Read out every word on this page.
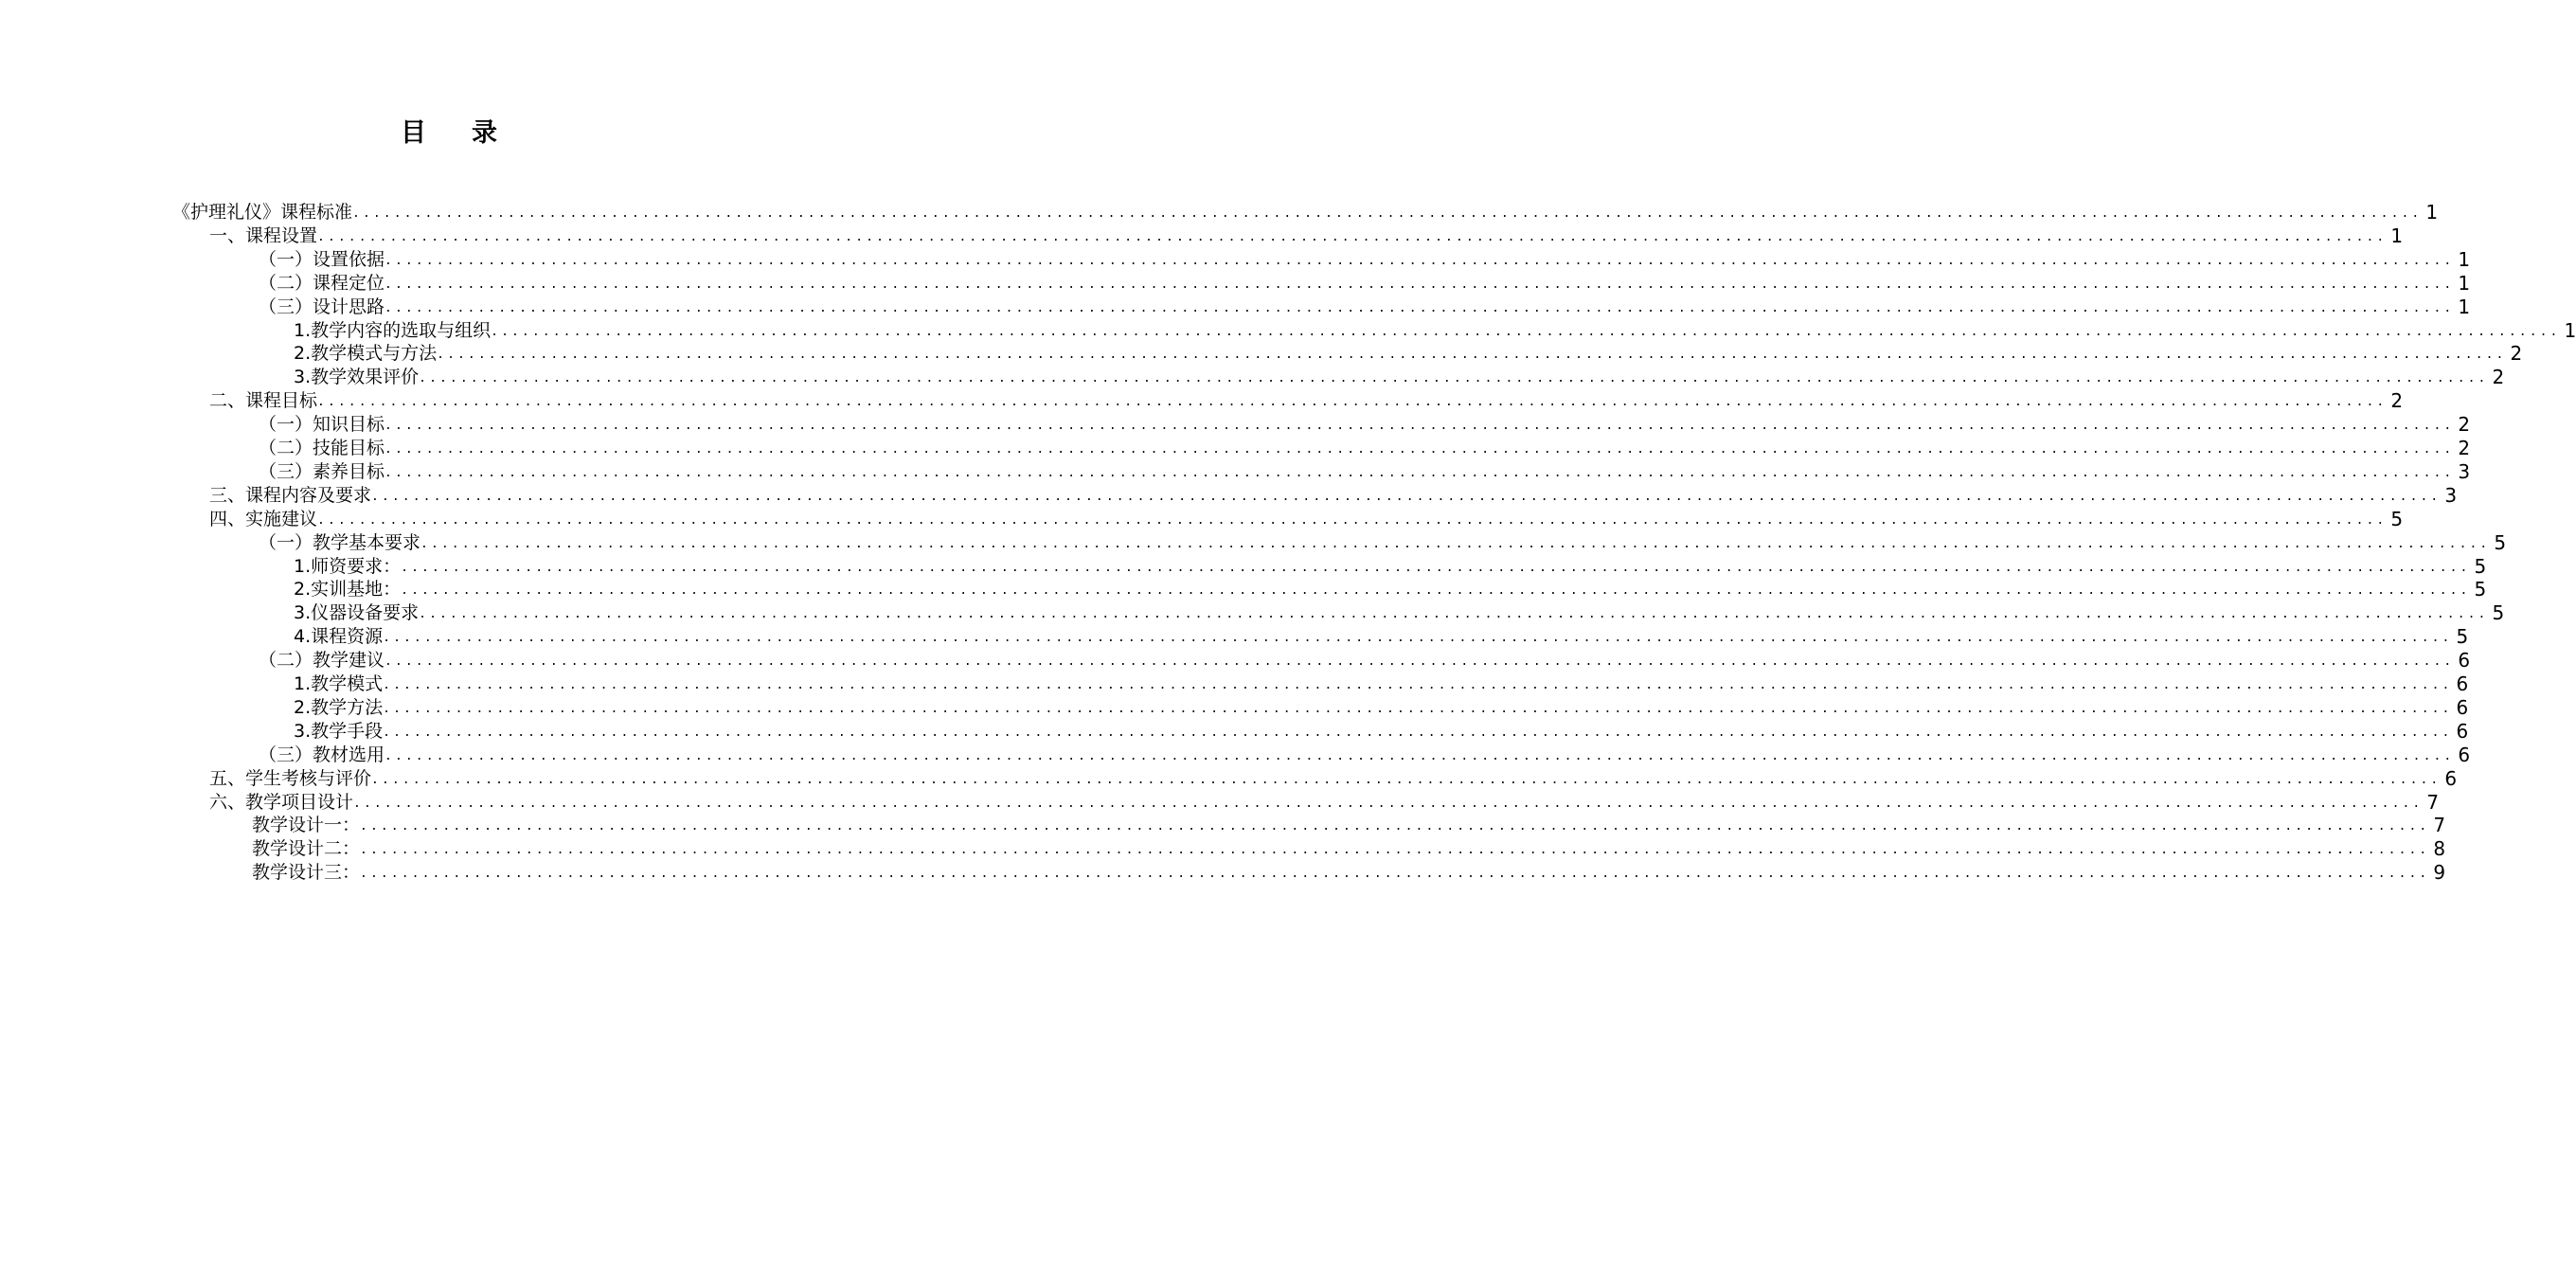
目 录
《护理礼仪》课程标准 ........................................................................................................................................................................................................ 1
一、 课程设置 ........................................................................................................................................................................................................ 1
（一） 设置依据 ........................................................................................................................................................................................................ 1
（二） 课程定位 ........................................................................................................................................................................................................ 1
（三） 设计思路 ........................................................................................................................................................................................................ 1
1. 教学内容的选取与组织 ........................................................................................................................................................................................................ 1
2. 教学模式与方法 ........................................................................................................................................................................................................ 2
3. 教学效果评价 ........................................................................................................................................................................................................ 2
二、 课程目标 ........................................................................................................................................................................................................ 2
（一） 知识目标 ........................................................................................................................................................................................................ 2
（二） 技能目标 ........................................................................................................................................................................................................ 2
（三） 素养目标 ........................................................................................................................................................................................................ 3
三、 课程内容及要求 ........................................................................................................................................................................................................ 3
四、 实施建议 ........................................................................................................................................................................................................ 5
（一） 教学基本要求 ........................................................................................................................................................................................................ 5
1. 师资要求： ........................................................................................................................................................................................................ 5
2. 实训基地： ........................................................................................................................................................................................................ 5
3. 仪器设备要求 ........................................................................................................................................................................................................ 5
4. 课程资源 ........................................................................................................................................................................................................ 5
（二） 教学建议 ........................................................................................................................................................................................................ 6
1. 教学模式 ........................................................................................................................................................................................................ 6
2. 教学方法 ........................................................................................................................................................................................................ 6
3. 教学手段 ........................................................................................................................................................................................................ 6
（三） 教材选用 ........................................................................................................................................................................................................ 6
五、 学生考核与评价 ........................................................................................................................................................................................................ 6
六、 教学项目设计 ........................................................................................................................................................................................................ 7
教学设计一： ........................................................................................................................................................................................................ 7
教学设计二： ........................................................................................................................................................................................................ 8
教学设计三： ........................................................................................................................................................................................................ 9
